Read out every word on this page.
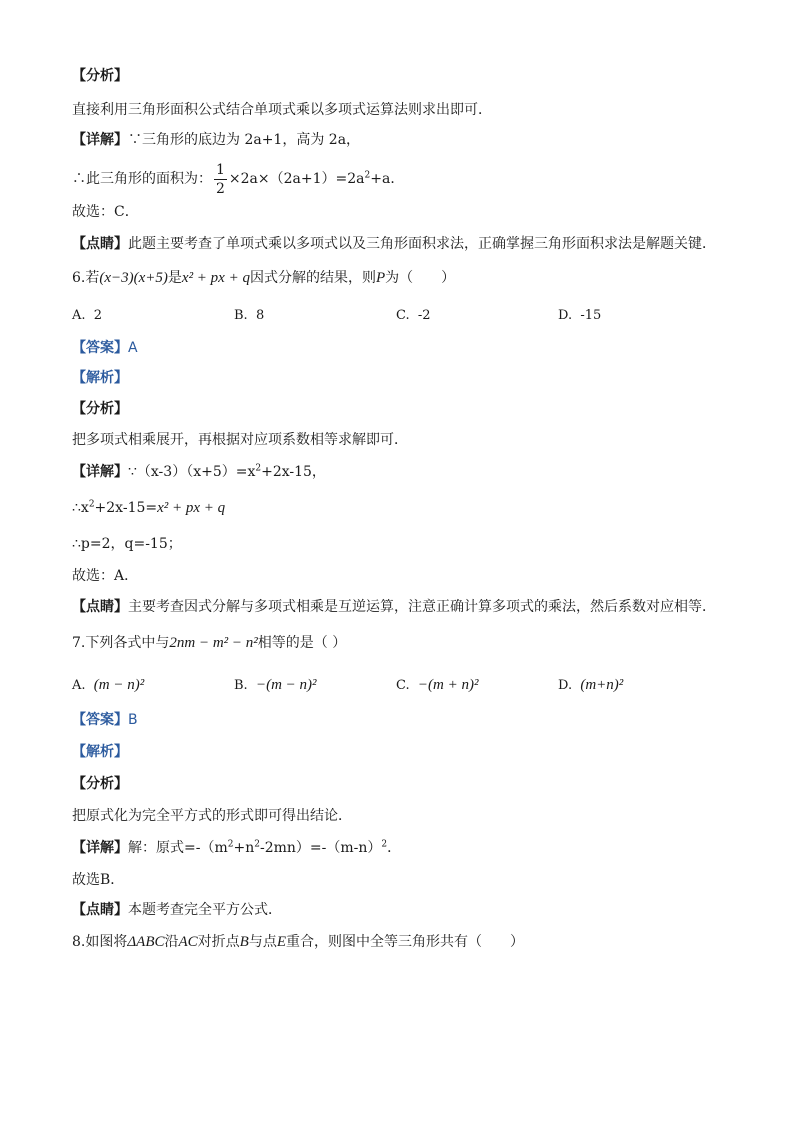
【分析】
直接利用三角形面积公式结合单项式乘以多项式运算法则求出即可．
【详解】∵三角形的底边为 2a+1，高为 2a，
∴此三角形的面积为： $\frac{1}{2} \times 2a\times(2a+1)=2a^2+a$．
故选：C．
【点睛】此题主要考查了单项式乘以多项式以及三角形面积求法，正确掌握三角形面积求法是解题关键．
6.若(x−3)(x+5)是x² + px + q因式分解的结果，则P为（　　）
A. 2	B. 8	C. -2	D. -15
【答案】A
【解析】
【分析】
把多项式相乘展开，再根据对应项系数相等求解即可．
【详解】$\because(x-3)(x+5)=x^2+2x-15$，
$\therefore x^2+2x-15=x^2$ + px + q
∴p=2，q=-15；
故选：A．
【点睛】主要考查因式分解与多项式相乘是互逆运算，注意正确计算多项式的乘法，然后系数对应相等．
7.下列各式中与2nm − m² − n²相等的是（ ）
A. (m − n)²	B. −(m − n)²	C. −(m + n)²	D. (m+n)²
【答案】B
【解析】
【分析】
把原式化为完全平方式的形式即可得出结论．
【详解】解：原式$=-(m^2+n^2-2mn)=-(m-n)^2$．
故选B．
【点睛】本题考查完全平方公式．
8.如图将ΔABC沿AC对折点B与点E重合，则图中全等三角形共有（　　）
